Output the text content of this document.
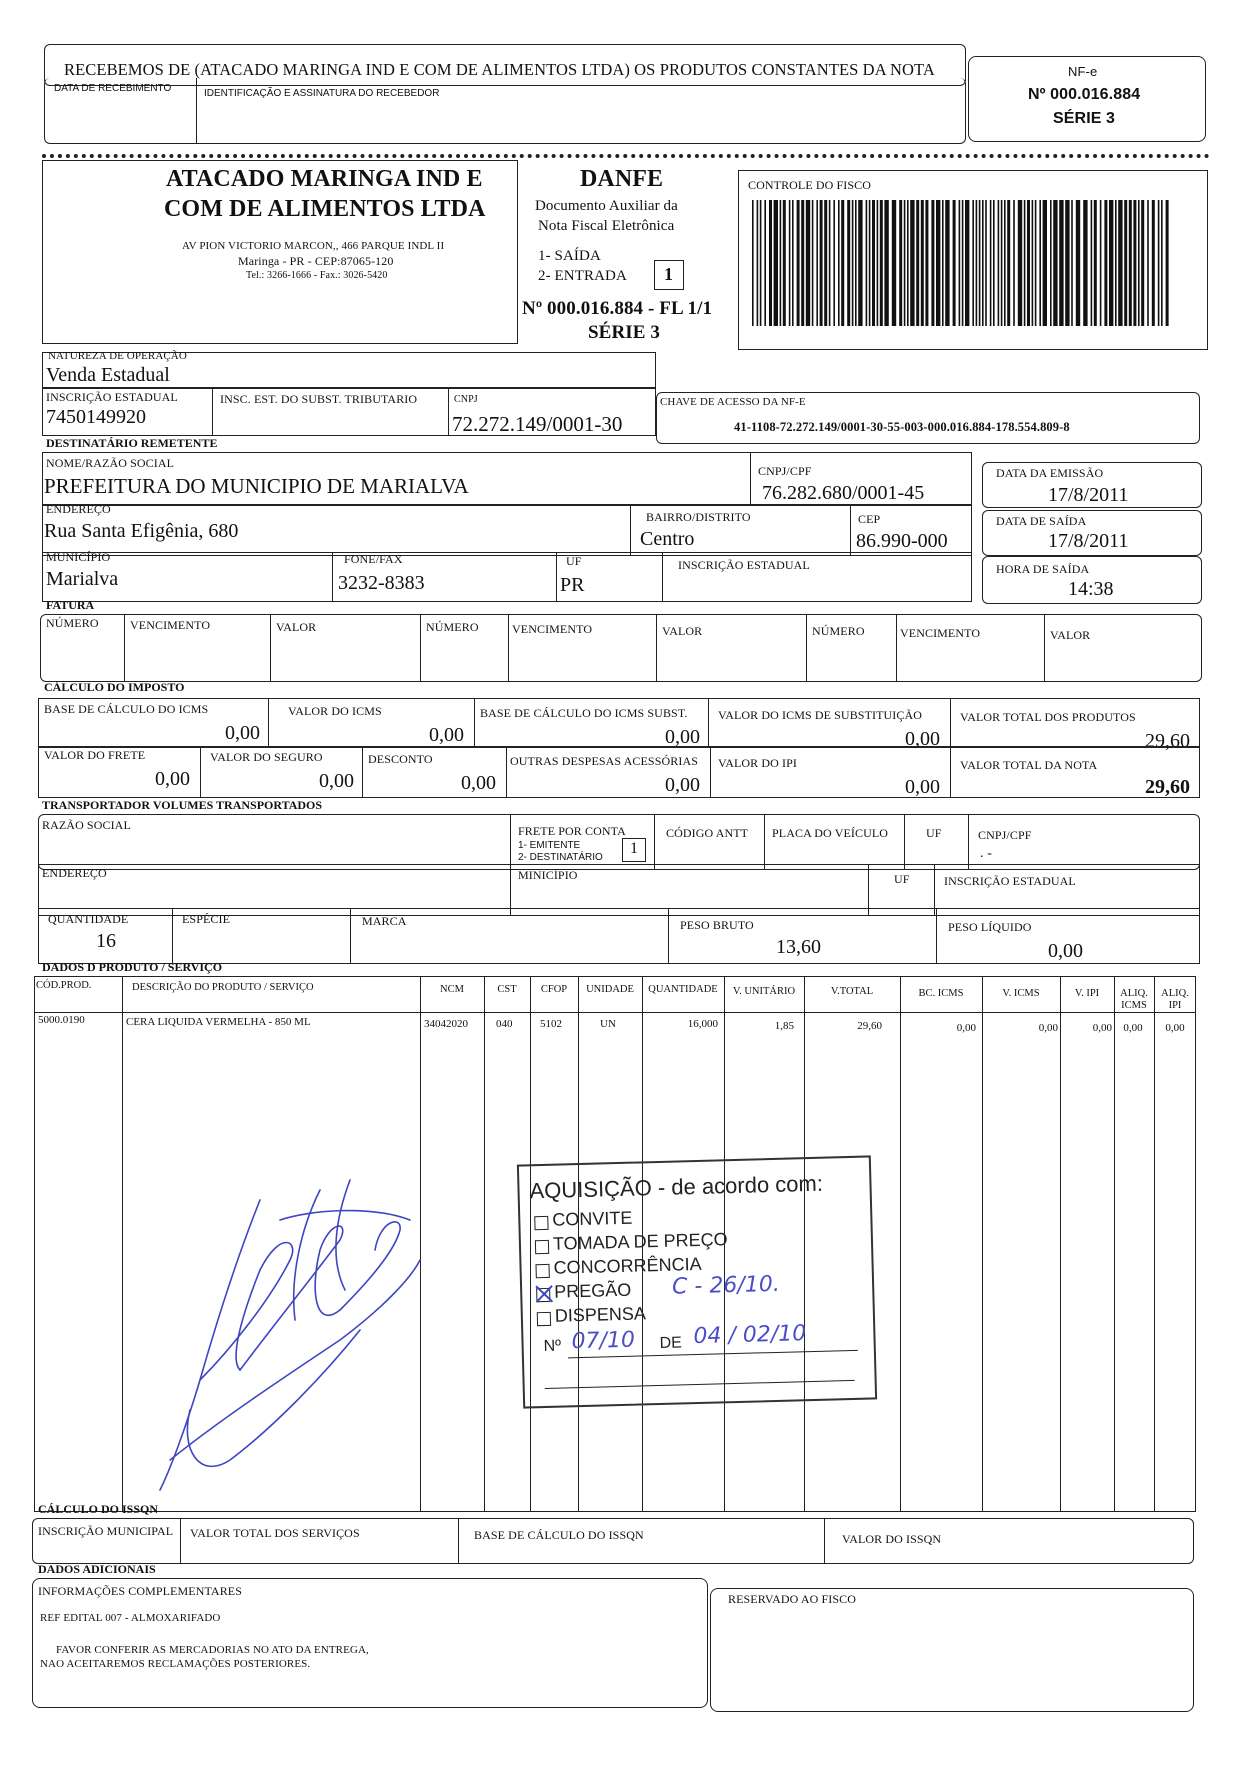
RECEBEMOS DE (ATACADO MARINGA IND E COM DE ALIMENTOS LTDA) OS PRODUTOS CONSTANTES DA NOTA
DATA DE RECEBIMENTO	IDENTIFICAÇÃO E ASSINATURA DO RECEBEDOR
NF-e
Nº 000.016.884
SÉRIE 3
ATACADO MARINGA IND E
COM DE ALIMENTOS LTDA
AV PION VICTORIO MARCON,, 466 PARQUE INDL II
Maringa - PR - CEP:87065-120
Tel.: 3266-1666 - Fax.: 3026-5420
DANFE
Documento Auxiliar da
Nota Fiscal Eletrônica
1- SAÍDA
2- ENTRADA 1
Nº 000.016.884 - FL 1/1
SÉRIE 3
CONTROLE DO FISCO
NATUREZA DE OPERAÇÃO
Venda Estadual
INSCRIÇÃO ESTADUAL
7450149920
INSC. EST. DO SUBST. TRIBUTARIO	CNPJ
72.272.149/0001-30
CHAVE DE ACESSO DA NF-E
41-1108-72.272.149/0001-30-55-003-000.016.884-178.554.809-8
DESTINATÁRIO REMETENTE
NOME/RAZÃO SOCIAL
PREFEITURA DO MUNICIPIO DE MARIALVA
CNPJ/CPF
76.282.680/0001-45
DATA DA EMISSÃO
17/8/2011
ENDEREÇO
Rua Santa Efigênia, 680
BAIRRO/DISTRITO
Centro
CEP
86.990-000
DATA DE SAÍDA
17/8/2011
MUNICÍPIO
Marialva
FONE/FAX
3232-8383
UF
PR
INSCRIÇÃO ESTADUAL	HORA DE SAÍDA
14:38
FATURA
NÚMERO	VENCIMENTO	VALOR	NÚMERO	VENCIMENTO	VALOR	NÚMERO	VENCIMENTO	VALOR
CÁLCULO DO IMPOSTO
BASE DE CÁLCULO DO ICMS
0,00
VALOR DO ICMS
0,00
BASE DE CÁLCULO DO ICMS SUBST.
0,00
VALOR DO ICMS DE SUBSTITUIÇÃO
0,00
VALOR TOTAL DOS PRODUTOS
29,60
VALOR DO FRETE
0,00
VALOR DO SEGURO
0,00
DESCONTO
0,00
OUTRAS DESPESAS ACESSÓRIAS
0,00
VALOR DO IPI
0,00
VALOR TOTAL DA NOTA
29,60
TRANSPORTADOR VOLUMES TRANSPORTADOS
RAZÃO SOCIAL	FRETE POR CONTA
1- EMITENTE
2- DESTINATÁRIO
1
CÓDIGO ANTT PLACA DO VEÍCULO	UF	CNPJ/CPF
. -
ENDEREÇO	MINICÍPIO	UF	INSCRIÇÃO ESTADUAL
QUANTIDADE
16
ESPÉCIE	MARCA	PESO BRUTO
13,60
PESO LÍQUIDO
0,00
DADOS D PRODUTO / SERVIÇO
CÓD.PROD.	DESCRIÇÃO DO PRODUTO / SERVIÇO	NCM	CST	CFOP	UNIDADE	QUANTIDADE	V. UNITÁRIO	V.TOTAL	BC. ICMS	V. ICMS	V. IPI	ALIQ.
ICMS
ALIQ.
IPI
5000.0190	CERA LIQUIDA VERMELHA - 850 ML	34042020	040	5102	UN	16,000	1,85	29,60	0,00	0,00	0,00	0,00	0,00
AQUISIÇÃO - de acordo com:
CONVITE
TOMADA DE PREÇO
CONCORRÊNCIA
PREGÃO C - 26/10.
DISPENSA
Nº 07/10 DE 04 / 02/10
CÁLCULO DO ISSQN
INSCRIÇÃO MUNICIPAL VALOR TOTAL DOS SERVIÇOS	BASE DE CÁLCULO DO ISSQN	VALOR DO ISSQN
DADOS ADICIONAIS
INFORMAÇÕES COMPLEMENTARES
REF EDITAL 007 - ALMOXARIFADO
FAVOR CONFERIR AS MERCADORIAS NO ATO DA ENTREGA,
NAO ACEITAREMOS RECLAMAÇÕES POSTERIORES.
RESERVADO AO FISCO
